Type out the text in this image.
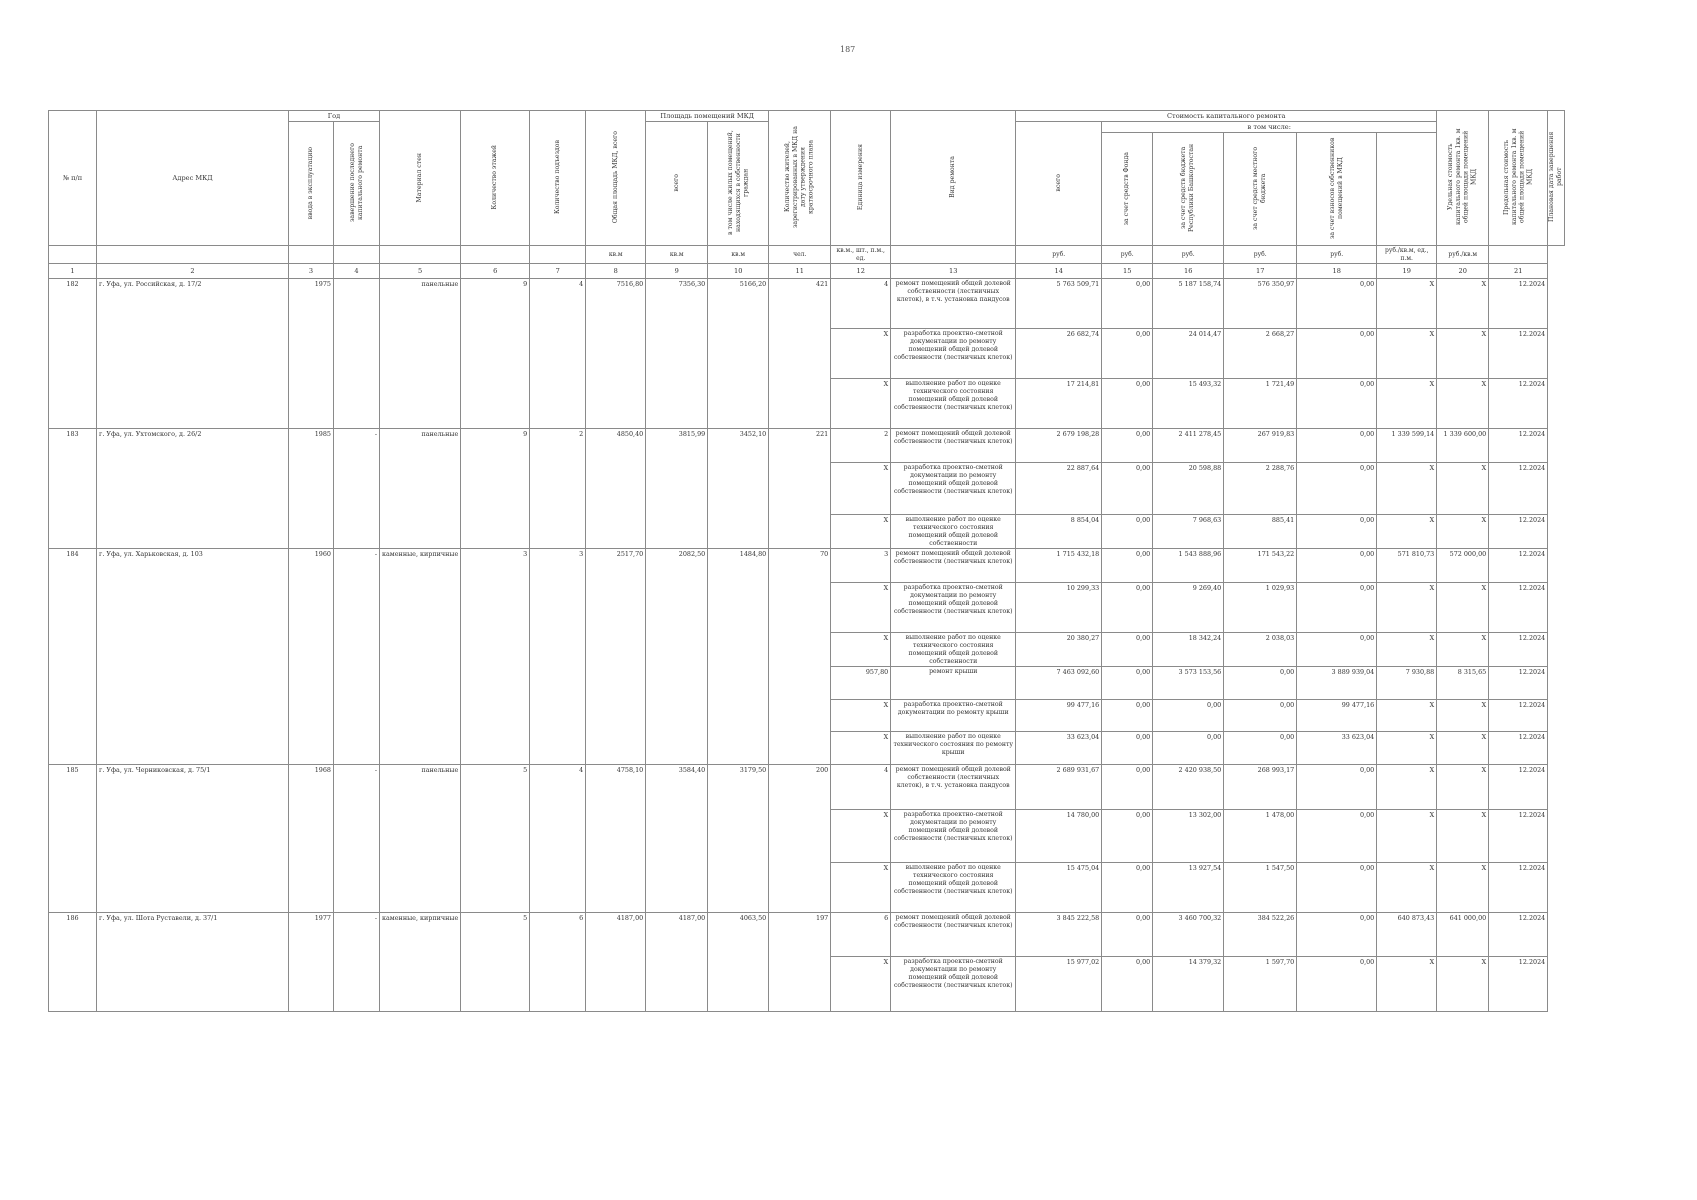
187
№ п/п	Адрес МКД	Год		Материал стен	Количество этажей	Количество подъездов	Общая площадь МКД, всего	Площадь помещений МКД		Количество жителей, зарегистрированных в МКД на дату утверждения краткосрочного плана	Единица измерения	Вид ремонта	Стоимость капитального ремонта						Удельная стоимость капитального ремонта 1кв. м общей площади помещений МКД	Предельная стоимость капитального ремонта 1кв. м общей площади помещений МКД	Плановая дата завершения работ
		ввода в эксплуатацию	завершение последнего капитального ремонта					всего	в том числе жилых помещений, находящихся в собственности граждан				всего	в том числе:							
														за счет средств Фонда	за счет средств бюджета Республики Башкортостан	за счет средств местного бюджета	за счет взносов собственников помещений в МКД				
							кв.м	кв.м	кв.м	чел.	кв.м., шт., п.м., ед.		руб.	руб.	руб.	руб.	руб.	руб./кв.м, ед., п.м.	руб./кв.м		
1	2	3	4	5	6	7	8	9	10	11	12	13	14	15	16	17	18	19	20	21	
182	г. Уфа, ул. Российская, д. 17/2	1975		панельные	9	4	7516,80	7356,30	5166,20	421	4	ремонт помещений общей долевой собственности (лестничных клеток), в т.ч. установка пандусов	5 763 509,71	0,00	5 187 158,74	576 350,97	0,00	X	X	12.2024	
											X	разработка проектно-сметной документации по ремонту помещений общей долевой собственности (лестничных клеток)	26 682,74	0,00	24 014,47	2 668,27	0,00	X	X	12.2024	
											X	выполнение работ по оценке технического состояния помещений общей долевой собственности (лестничных клеток)	17 214,81	0,00	15 493,32	1 721,49	0,00	X	X	12.2024	
183	г. Уфа, ул. Ухтомского, д. 26/2	1985	-	панельные	9	2	4850,40	3815,99	3452,10	221	2	ремонт помещений общей долевой собственности (лестничных клеток)	2 679 198,28	0,00	2 411 278,45	267 919,83	0,00	1 339 599,14	1 339 600,00	12.2024	
											X	разработка проектно-сметной документации по ремонту помещений общей долевой собственности (лестничных клеток)	22 887,64	0,00	20 598,88	2 288,76	0,00	X	X	12.2024	
											X	выполнение работ по оценке технического состояния помещений общей долевой собственности	8 854,04	0,00	7 968,63	885,41	0,00	X	X	12.2024	
184	г. Уфа, ул. Харьковская, д. 103	1960	-	каменные, кирпичные	3	3	2517,70	2082,50	1484,80	70	3	ремонт помещений общей долевой собственности (лестничных клеток)	1 715 432,18	0,00	1 543 888,96	171 543,22	0,00	571 810,73	572 000,00	12.2024	
											X	разработка проектно-сметной документации по ремонту помещений общей долевой собственности (лестничных клеток)	10 299,33	0,00	9 269,40	1 029,93	0,00	X	X	12.2024	
											X	выполнение работ по оценке технического состояния помещений общей долевой собственности	20 380,27	0,00	18 342,24	2 038,03	0,00	X	X	12.2024	
											957,80	ремонт крыши	7 463 092,60	0,00	3 573 153,56	0,00	3 889 939,04	7 930,88	8 315,65	12.2024	
											X	разработка проектно-сметной документации по ремонту крыши	99 477,16	0,00	0,00	0,00	99 477,16	X	X	12.2024	
											X	выполнение работ по оценке технического состояния по ремонту крыши	33 623,04	0,00	0,00	0,00	33 623,04	X	X	12.2024	
185	г. Уфа, ул. Черниковская, д. 75/1	1968	-	панельные	5	4	4758,10	3584,40	3179,50	200	4	ремонт помещений общей долевой собственности (лестничных клеток), в т.ч. установка пандусов	2 689 931,67	0,00	2 420 938,50	268 993,17	0,00	X	X	12.2024	
											X	разработка проектно-сметной документации по ремонту помещений общей долевой собственности (лестничных клеток)	14 780,00	0,00	13 302,00	1 478,00	0,00	X	X	12.2024	
											X	выполнение работ по оценке технического состояния помещений общей долевой собственности (лестничных клеток)	15 475,04	0,00	13 927,54	1 547,50	0,00	X	X	12.2024	
186	г. Уфа, ул. Шота Руставели, д. 37/1	1977	-	каменные, кирпичные	5	6	4187,00	4187,00	4063,50	197	6	ремонт помещений общей долевой собственности (лестничных клеток)	3 845 222,58	0,00	3 460 700,32	384 522,26	0,00	640 873,43	641 000,00	12.2024	
											X	разработка проектно-сметной документации по ремонту помещений общей долевой собственности (лестничных клеток)	15 977,02	0,00	14 379,32	1 597,70	0,00	X	X	12.2024	
